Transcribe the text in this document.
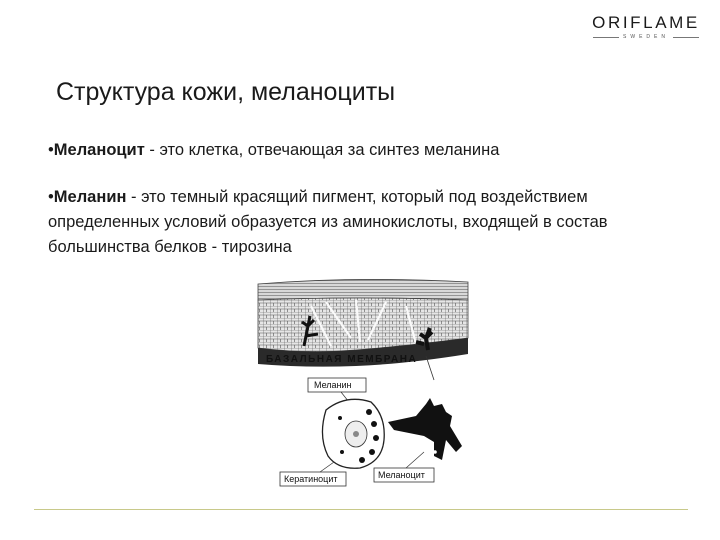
ORIFLAME
SWEDEN
Структура кожи, меланоциты
•Меланоцит - это клетка, отвечающая за синтез меланина
•Меланин - это темный красящий пигмент, который под воздействием определенных условий образуется из аминокислоты, входящей в состав большинства белков - тирозина
БАЗАЛЬНАЯ МЕМБРАНА
Меланин
Кератиноцит	Меланоцит
